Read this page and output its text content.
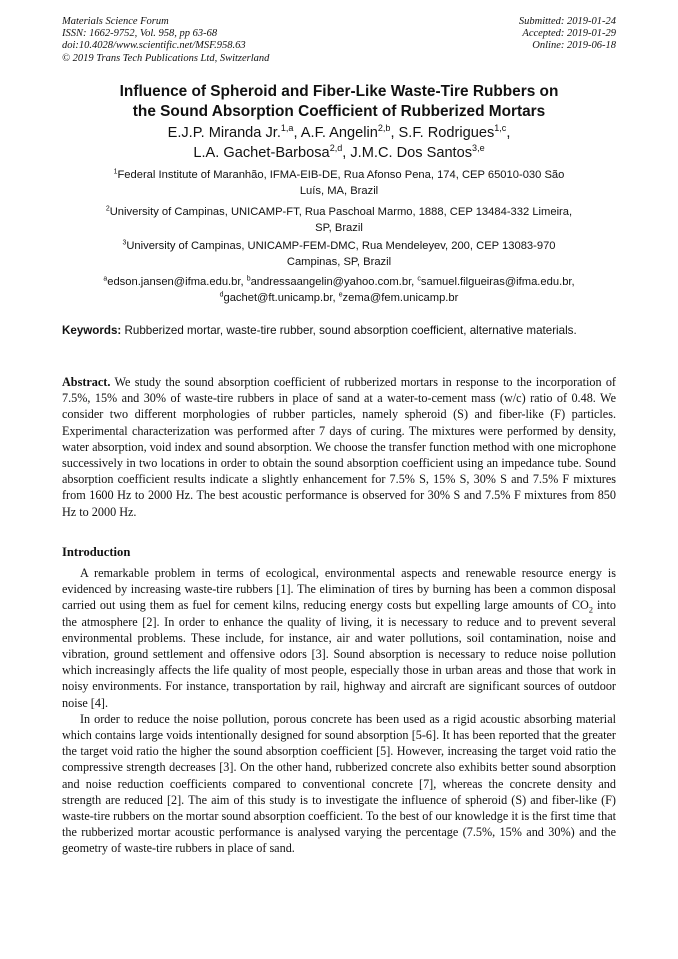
Materials Science Forum
ISSN: 1662-9752, Vol. 958, pp 63-68
doi:10.4028/www.scientific.net/MSF.958.63
© 2019 Trans Tech Publications Ltd, Switzerland
Submitted: 2019-01-24
Accepted: 2019-01-29
Online: 2019-06-18
Influence of Spheroid and Fiber-Like Waste-Tire Rubbers on
the Sound Absorption Coefficient of Rubberized Mortars
E.J.P. Miranda Jr.$^{1,a}$, A.F. Angelin$^{2,b}$, S.F. Rodrigues$^{1,c}$,
L.A. Gachet-Barbosa$^{2,d}$, J.M.C. Dos Santos$^{3,e}$
$^1$Federal Institute of Maranhão, IFMA-EIB-DE, Rua Afonso Pena, 174, CEP 65010-030 São
Luís, MA, Brazil
$^2$University of Campinas, UNICAMP-FT, Rua Paschoal Marmo, 1888, CEP 13484-332 Limeira,
SP, Brazil
$^3$University of Campinas, UNICAMP-FEM-DMC, Rua Mendeleyev, 200, CEP 13083-970
Campinas, SP, Brazil
$^a$edson.jansen@ifma.edu.br, $^b$andressaangelin@yahoo.com.br, $^c$samuel.filgueiras@ifma.edu.br,
$^d$gachet@ft.unicamp.br, $^e$zema@fem.unicamp.br
Keywords: Rubberized mortar, waste-tire rubber, sound absorption coefficient, alternative materials.
Abstract. We study the sound absorption coefficient of rubberized mortars in response to the incorporation of 7.5%, 15% and 30% of waste-tire rubbers in place of sand at a water-to-cement mass (w/c) ratio of 0.48. We consider two different morphologies of rubber particles, namely spheroid (S) and fiber-like (F) particles. Experimental characterization was performed after 7 days of curing. The mixtures were performed by density, water absorption, void index and sound absorption. We choose the transfer function method with one microphone successively in two locations in order to obtain the sound absorption coefficient using an impedance tube. Sound absorption coefficient results indicate a slightly enhancement for 7.5% S, 15% S, 30% S and 7.5% F mixtures from 1600 Hz to 2000 Hz. The best acoustic performance is observed for 30% S and 7.5% F mixtures from 850 Hz to 2000 Hz.
Introduction

A remarkable problem in terms of ecological, environmental aspects and renewable resource energy is evidenced by increasing waste-tire rubbers [1]. The elimination of tires by burning has been a common disposal carried out using them as fuel for cement kilns, reducing energy costs but expelling large amounts of $CO_2$ into the atmosphere [2]. In order to enhance the quality of living, it is necessary to reduce and to prevent several environmental problems. These include, for instance, air and water pollutions, soil contamination, noise and vibration, ground settlement and offensive odors [3]. Sound absorption is necessary to reduce noise pollution which increasingly affects the life quality of most people, especially those in urban areas and those that work in noisy environments. For instance, transportation by rail, highway and aircraft are significant sources of outdoor noise [4].

In order to reduce the noise pollution, porous concrete has been used as a rigid acoustic absorbing material which contains large voids intentionally designed for sound absorption [5-6]. It has been reported that the greater the target void ratio the higher the sound absorption coefficient [5]. However, increasing the target void ratio the compressive strength decreases [3]. On the other hand, rubberized concrete also exhibits better sound absorption and noise reduction coefficients compared to conventional concrete [7], whereas the concrete density and strength are reduced [2]. The aim of this study is to investigate the influence of spheroid (S) and fiber-like (F) waste-tire rubbers on the mortar sound absorption coefficient. To the best of our knowledge it is the first time that the rubberized mortar acoustic performance is analysed varying the percentage (7.5%, 15% and 30%) and the geometry of waste-tire rubbers in place of sand.
